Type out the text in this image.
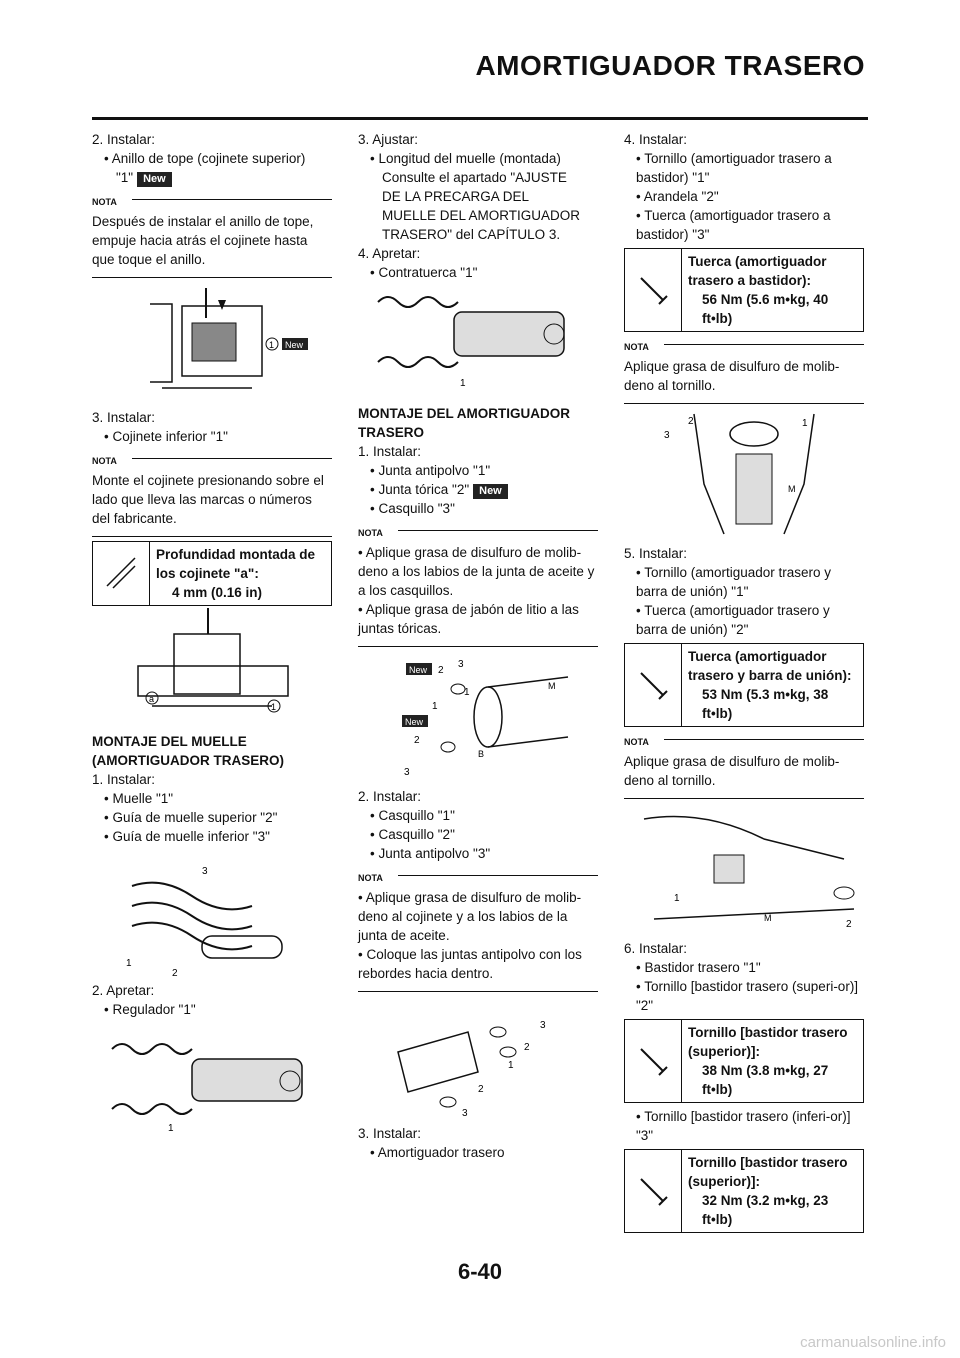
AMORTIGUADOR TRASERO

2. Instalar:

• Anillo de tope (cojinete superior)

"1" New

NOTA
Después de instalar el anillo de tope, empuje hacia atrás el cojinete hasta que toque el anillo.
1 New

3. Instalar:

• Cojinete inferior "1"

NOTA
Monte el cojinete presionando sobre el lado que lleva las marcas o números del fabricante.
Profundidad montada de
los cojinete "a":
4 mm (0.16 in)
a
1
MONTAJE DEL MUELLE
(AMORTIGUADOR TRASERO)

1. Instalar:

• Muelle "1"

• Guía de muelle superior "2"

• Guía de muelle inferior "3"

3
1
2

2. Apretar:

• Regulador "1"

1

3. Ajustar:

• Longitud del muelle (montada)

Consulte el apartado "AJUSTE

DE LA PRECARGA DEL

MUELLE DEL AMORTIGUADOR

TRASERO" del CAPÍTULO 3.

4. Apretar:

• Contratuerca "1"

1
MONTAJE DEL AMORTIGUADOR
TRASERO

1. Instalar:

• Junta antipolvo "1"

• Junta tórica "2" New

• Casquillo "3"

NOTA
• Aplique grasa de disulfuro de molib-deno a los labios de la junta de aceite y a los casquillos.
• Aplique grasa de jabón de litio a las juntas tóricas.
New
New
2
3
1
1
2
3
M
B

2. Instalar:

• Casquillo "1"

• Casquillo "2"

• Junta antipolvo "3"

NOTA
• Aplique grasa de disulfuro de molib-deno al cojinete y a los labios de la junta de aceite.
• Coloque las juntas antipolvo con los rebordes hacia dentro.
3
2
1
2
3

3. Instalar:

• Amortiguador trasero

4. Instalar:

• Tornillo (amortiguador trasero a bastidor) "1"

• Arandela "2"

• Tuerca (amortiguador trasero a bastidor) "3"

Tuerca (amortiguador
trasero a bastidor):
56 Nm (5.6 m•kg, 40
ft•lb)
NOTA
Aplique grasa de disulfuro de molib-deno al tornillo.
3
2	1
M

5. Instalar:

• Tornillo (amortiguador trasero y barra de unión) "1"

• Tuerca (amortiguador trasero y barra de unión) "2"

Tuerca (amortiguador
trasero y barra de unión):
53 Nm (5.3 m•kg, 38
ft•lb)
NOTA
Aplique grasa de disulfuro de molib-deno al tornillo.
1
2
M

6. Instalar:

• Bastidor trasero "1"

• Tornillo [bastidor trasero (superi-or)] "2"

Tornillo [bastidor trasero
(superior)]:
38 Nm (3.8 m•kg, 27
ft•lb)

• Tornillo [bastidor trasero (inferi-or)] "3"

Tornillo [bastidor trasero
(superior)]:
32 Nm (3.2 m•kg, 23
ft•lb)
6-40
carmanualsonline.info
